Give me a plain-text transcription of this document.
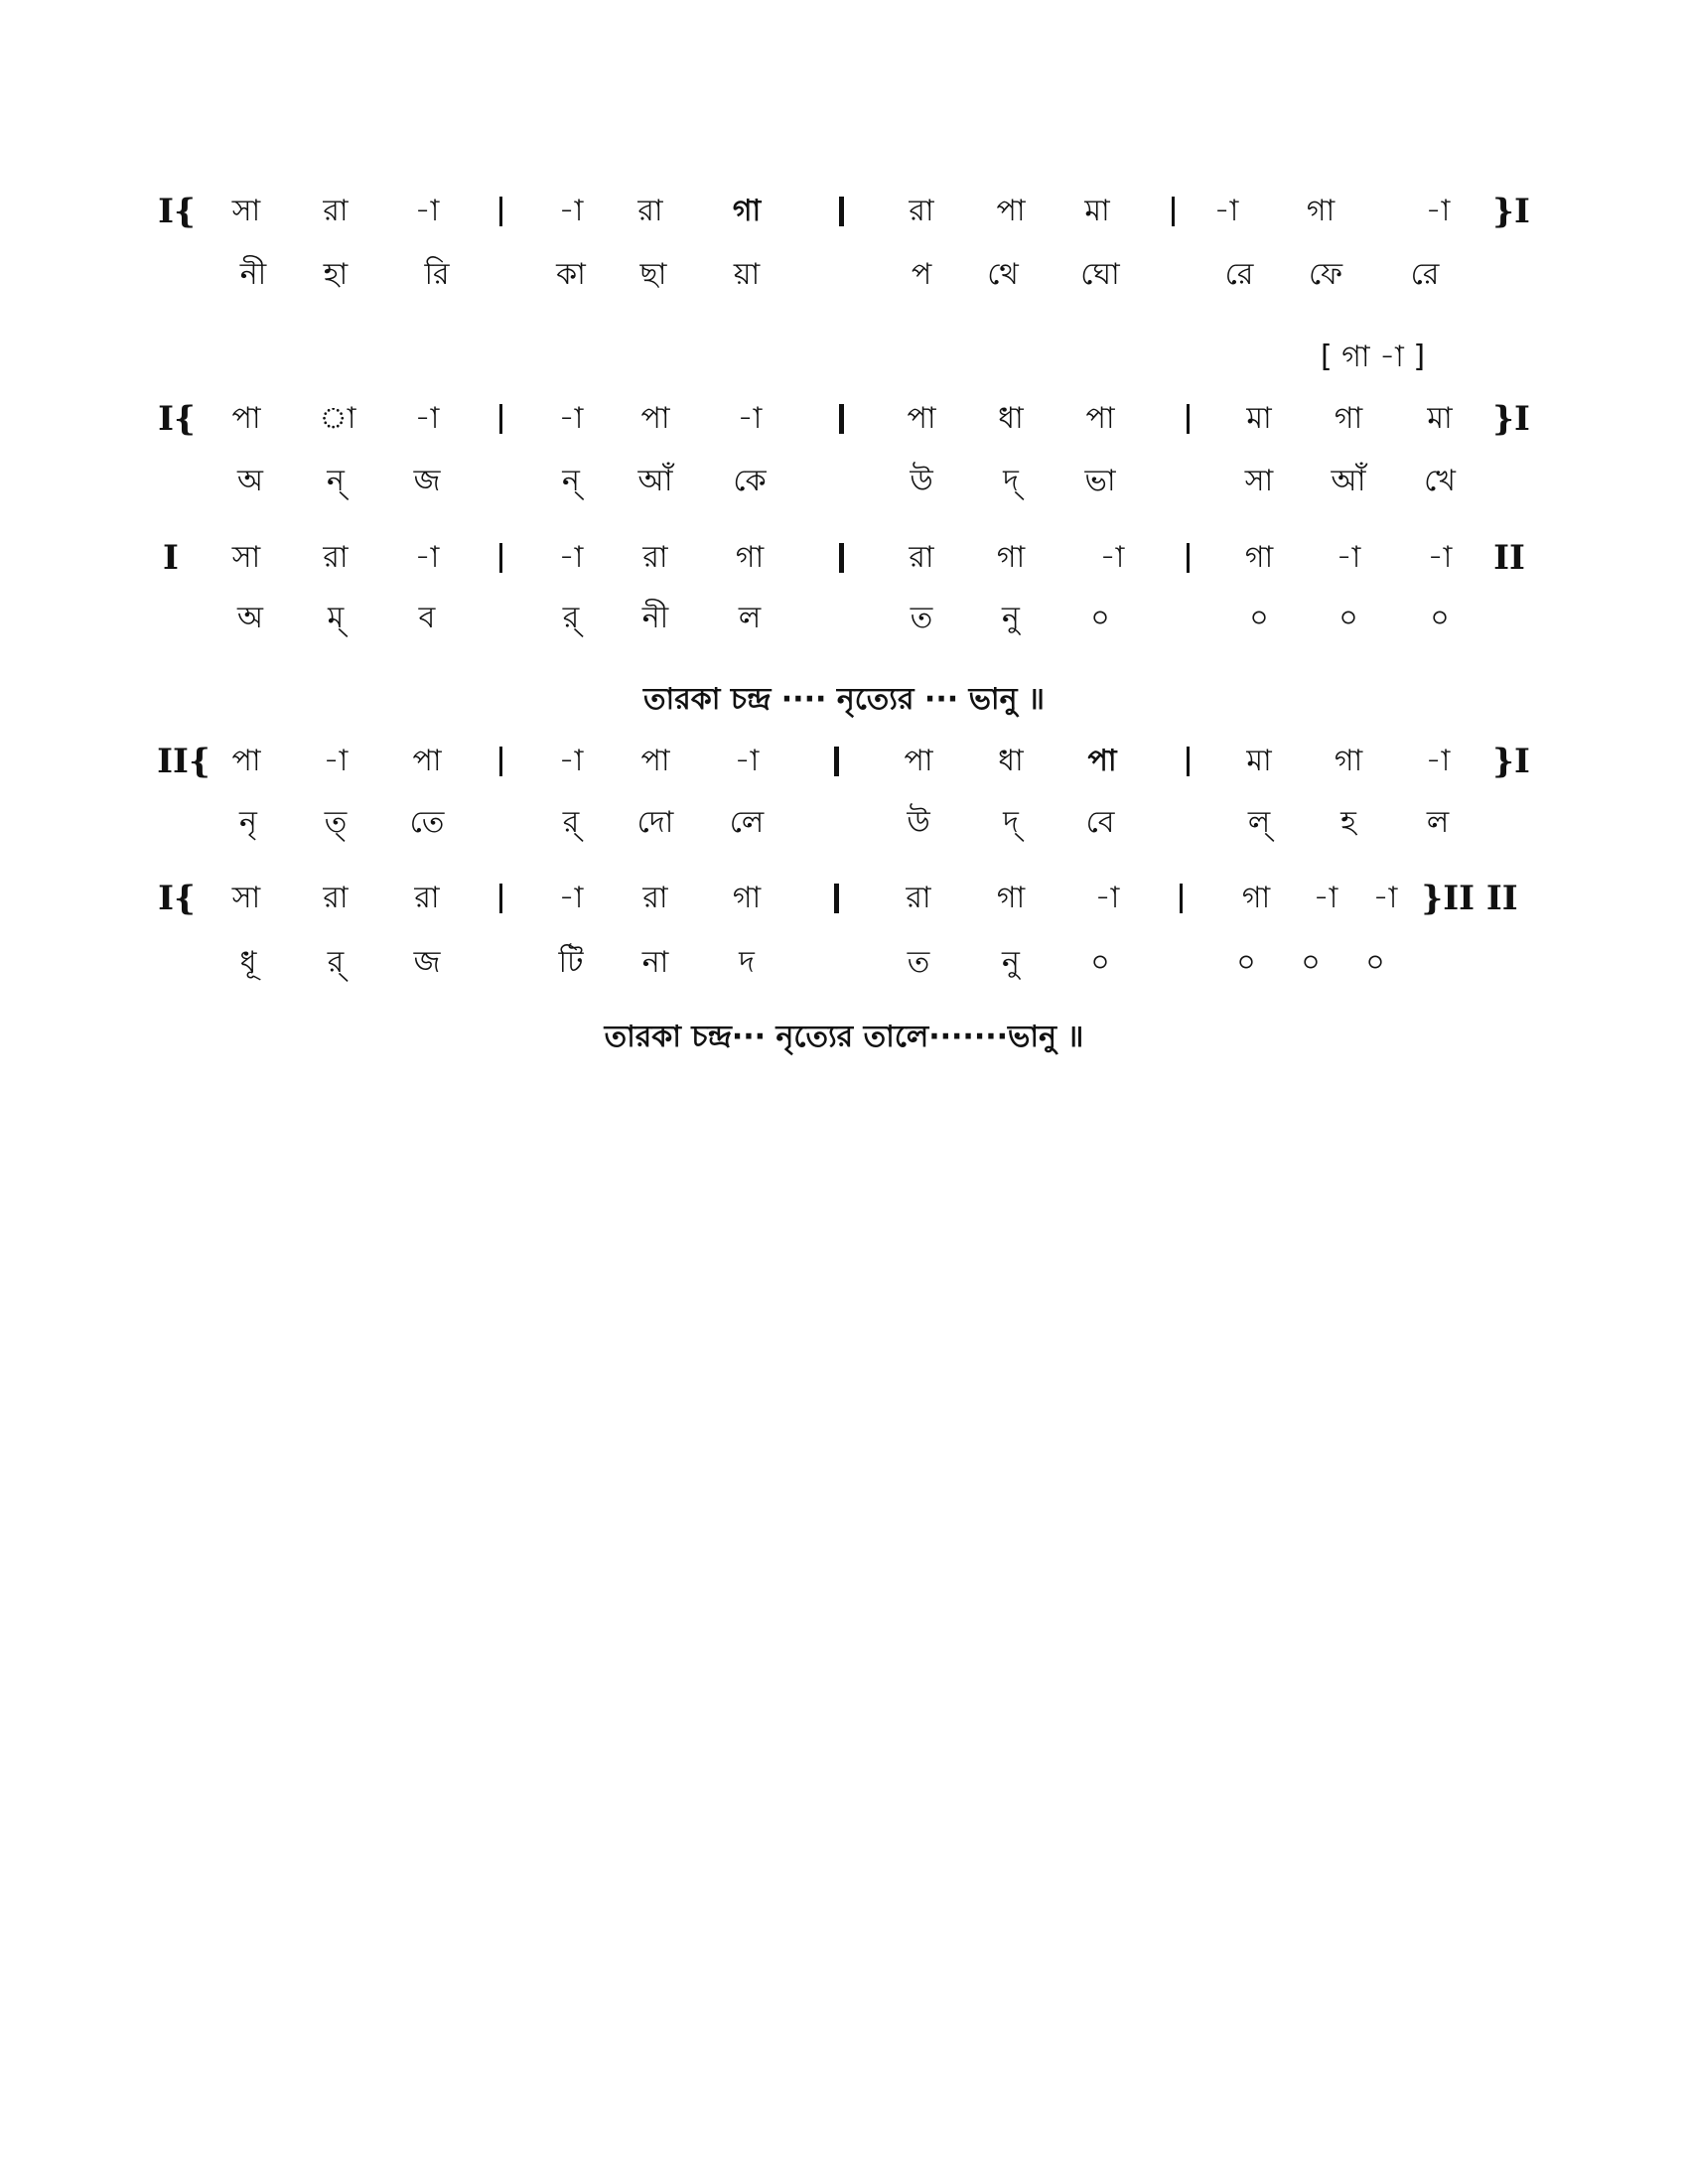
I{ সা রা -া	-া রা গা	রা পা মা	-া গা	-া }I
নী হা	রি	কা ছা য়া	প থে ঘো	রে ফে রে
[ গা -া ]
I{ পা া -া	-া পা -া	পা ধা পা	মা গা মা }I
অ ন্ জ	ন্ আঁ কে	উ দ্ ভা	সা আঁ খে
I সা রা -া	-া রা গা	রা গা	-া	গা -া -া II
অ ম্	ব	র্ নী ল	ত নু ০	০ ০ ০
তারকা চন্দ্র ···· নৃত্যের ··· ভানু ॥
II{ পা -া পা	-া পা -া	পা ধা পা	মা গা -া }I
নৃ ত্ তে	র্ দো লে	উ দ্ বে	ল্ হ ল
I{ সা রা রা	-া রা গা	রা গা -া	গা -া -া }II II
ধূ র্ জ	টি না দ	ত নু ০	০ ০ ০
তারকা চন্দ্র··· নৃত্যের তালে·······ভানু ॥
